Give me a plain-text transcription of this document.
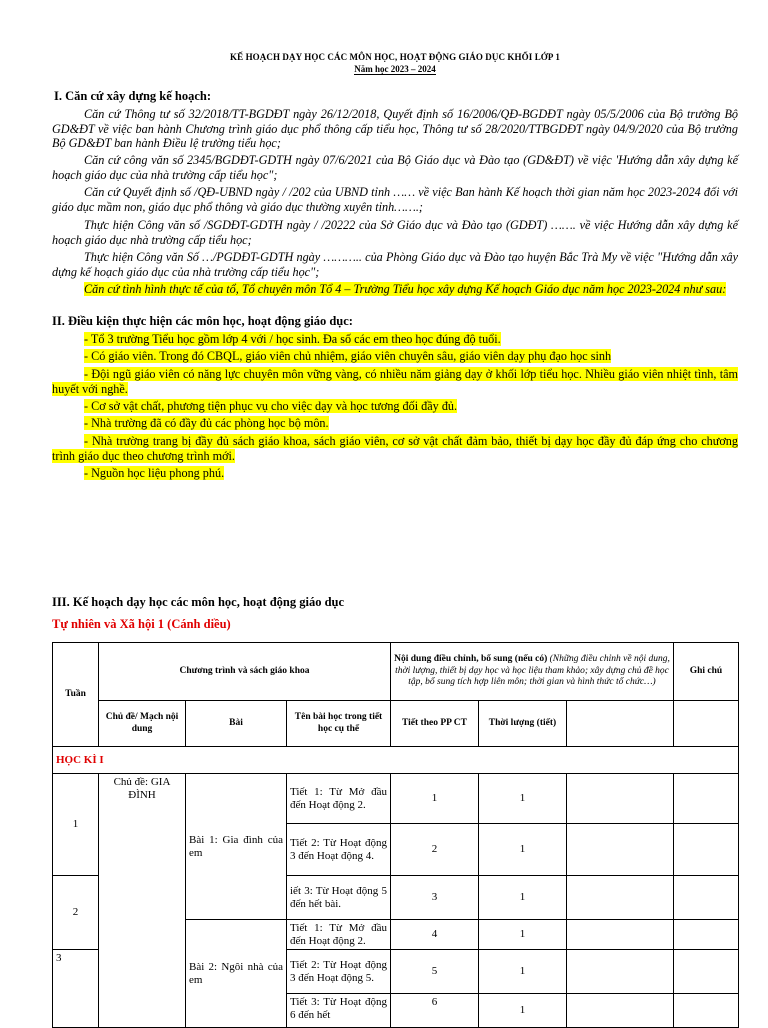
KẾ HOẠCH DẠY HỌC CÁC MÔN HỌC, HOẠT ĐỘNG GIÁO DỤC KHỐI LỚP 1
Năm học 2023 – 2024
I. Căn cứ xây dựng kế hoạch:
Căn cứ Thông tư số 32/2018/TT-BGDĐT ngày 26/12/2018, Quyết định số 16/2006/QĐ-BGDĐT ngày 05/5/2006 của Bộ trưởng Bộ GD&ĐT về việc ban hành Chương trình giáo dục phổ thông cấp tiểu học, Thông tư số 28/2020/TTBGDĐT ngày 04/9/2020 của Bộ trưởng Bộ GD&ĐT ban hành Điều lệ trường tiểu học;
Căn cứ công văn số 2345/BGDĐT-GDTH ngày 07/6/2021 của Bộ Giáo dục và Đào tạo (GD&ĐT) về việc 'Hướng dẫn xây dựng kế hoạch giáo dục của nhà trường cấp tiểu học";
Căn cứ Quyết định số /QĐ-UBND ngày / /202 của UBND tỉnh …… về việc Ban hành Kế hoạch thời gian năm học 2023-2024 đối với giáo dục mầm non, giáo dục phổ thông và giáo dục thường xuyên tỉnh…….;
Thực hiện Công văn số /SGDĐT-GDTH ngày / /20222 của Sở Giáo dục và Đào tạo (GDĐT) ……. về việc Hướng dẫn xây dựng kế hoạch giáo dục nhà trường cấp tiểu học;
Thực hiện Công văn Số …/PGDĐT-GDTH ngày ……….. của Phòng Giáo dục và Đào tạo huyện Bắc Trà My về việc "Hướng dẫn xây dựng kế hoạch giáo dục của nhà trường cấp tiểu học";
Căn cứ tình hình thực tế của tổ, Tổ chuyên môn Tổ 4 – Trường Tiểu học xây dựng Kế hoạch Giáo dục năm học 2023-2024 như sau:
II. Điều kiện thực hiện các môn học, hoạt động giáo dục:
- Tổ 3 trường Tiểu học gồm lớp 4 với / học sinh. Đa số các em theo học đúng độ tuổi.
- Có giáo viên. Trong đó CBQL, giáo viên chủ nhiệm, giáo viên chuyên sâu, giáo viên dạy phụ đạo học sinh
- Đội ngũ giáo viên có năng lực chuyên môn vững vàng, có nhiều năm giảng dạy ở khối lớp tiểu học. Nhiều giáo viên nhiệt tình, tâm huyết với nghề.
- Cơ sở vật chất, phương tiện phục vụ cho việc dạy và học tương đối đầy đủ.
- Nhà trường đã có đầy đủ các phòng học bộ môn.
- Nhà trường trang bị đầy đủ sách giáo khoa, sách giáo viên, cơ sở vật chất đảm bảo, thiết bị dạy học đầy đủ đáp ứng cho chương trình giáo dục theo chương trình mới.
- Nguồn học liệu phong phú.
III. Kế hoạch dạy học các môn học, hoạt động giáo dục
Tự nhiên và Xã hội 1 (Cánh diều)
Tuần	Chương trình và sách giáo khoa			Nội dung điều chỉnh, bổ sung (nếu có) (Những điều chỉnh về nội dung, thời lượng, thiết bị dạy học và học liệu tham khảo; xây dựng chủ đề học tập, bổ sung tích hợp liên môn; thời gian và hình thức tổ chức…)			Ghi chú
	Chủ đề/ Mạch nội dung	Bài	Tên bài học trong tiết học cụ thể	Tiết theo PP CT	Thời lượng (tiết)		
HỌC KÌ I							
1	Chủ đề: GIA ĐÌNH	Bài 1: Gia đình của em	Tiết 1: Từ Mở đầu đến Hoạt động 2.	1	1		
			Tiết 2: Từ Hoạt động 3 đến Hoạt động 4.	2	1		
2			iết 3: Từ Hoạt động 5 đến hết bài.	3	1		
		Bài 2: Ngôi nhà của em	Tiết 1: Từ Mở đầu đến Hoạt động 2.	4	1		
3			Tiết 2: Từ Hoạt động 3 đến Hoạt động 5.	5	1		
			Tiết 3: Từ Hoạt động 6 đến hết	6	1		
